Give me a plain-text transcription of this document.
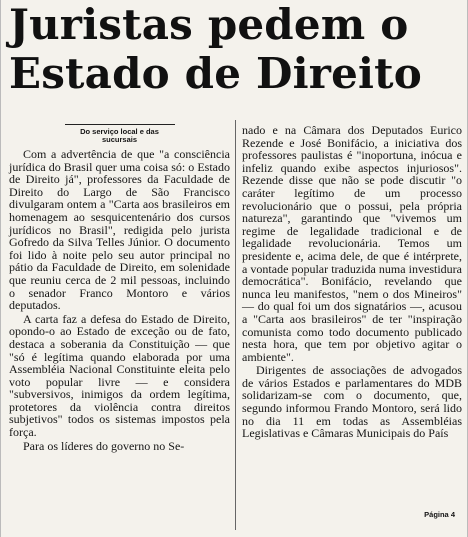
Juristas pedem o
Estado de Direito
Do serviço local e das
sucursais

Com a advertência de que "a consciência jurídica do Brasil quer uma coisa só: o Estado de Direito já", professores da Faculdade de Direito do Largo de São Francisco divulgaram ontem a "Carta aos brasileiros em homenagem ao sesquicentenário dos cursos jurídicos no Brasil", redigida pelo jurista Gofredo da Silva Telles Júnior. O documento foi lido à noite pelo seu autor principal no pátio da Faculdade de Direito, em solenidade que reuniu cerca de 2 mil pessoas, incluindo o senador Franco Montoro e vários deputados.

A carta faz a defesa do Estado de Direito, opondo-o ao Estado de exceção ou de fato, destaca a soberania da Constituição — que "só é legítima quando elaborada por uma Assembléia Nacional Constituinte eleita pelo voto popular livre — e considera "subversivos, inimigos da ordem legítima, protetores da violência contra direitos subjetivos" todos os sistemas impostos pela força.

Para os líderes do governo no Se-

nado e na Câmara dos Deputados Eurico Rezende e José Bonifácio, a iniciativa dos professores paulistas é "inoportuna, inócua e infeliz quando exibe aspectos injuriosos". Rezende disse que não se pode discutir "o caráter legítimo de um processo revolucionário que o possui, pela própria natureza", garantindo que "vivemos um regime de legalidade tradicional e de legalidade revolucionária. Temos um presidente e, acima dele, de que é intérprete, a vontade popular traduzida numa investidura democrática". Bonifácio, revelando que nunca leu manifestos, "nem o dos Mineiros" — do qual foi um dos signatários —, acusou a "Carta aos brasileiros" de ter "inspiração comunista como todo documento publicado nesta hora, que tem por objetivo agitar o ambiente".

Dirigentes de associações de advogados de vários Estados e parlamentares do MDB solidarizam-se com o documento, que, segundo informou Frando Montoro, será lido no dia 11 em todas as Assembléias Legislativas e Câmaras Municipais do País

Página 4
